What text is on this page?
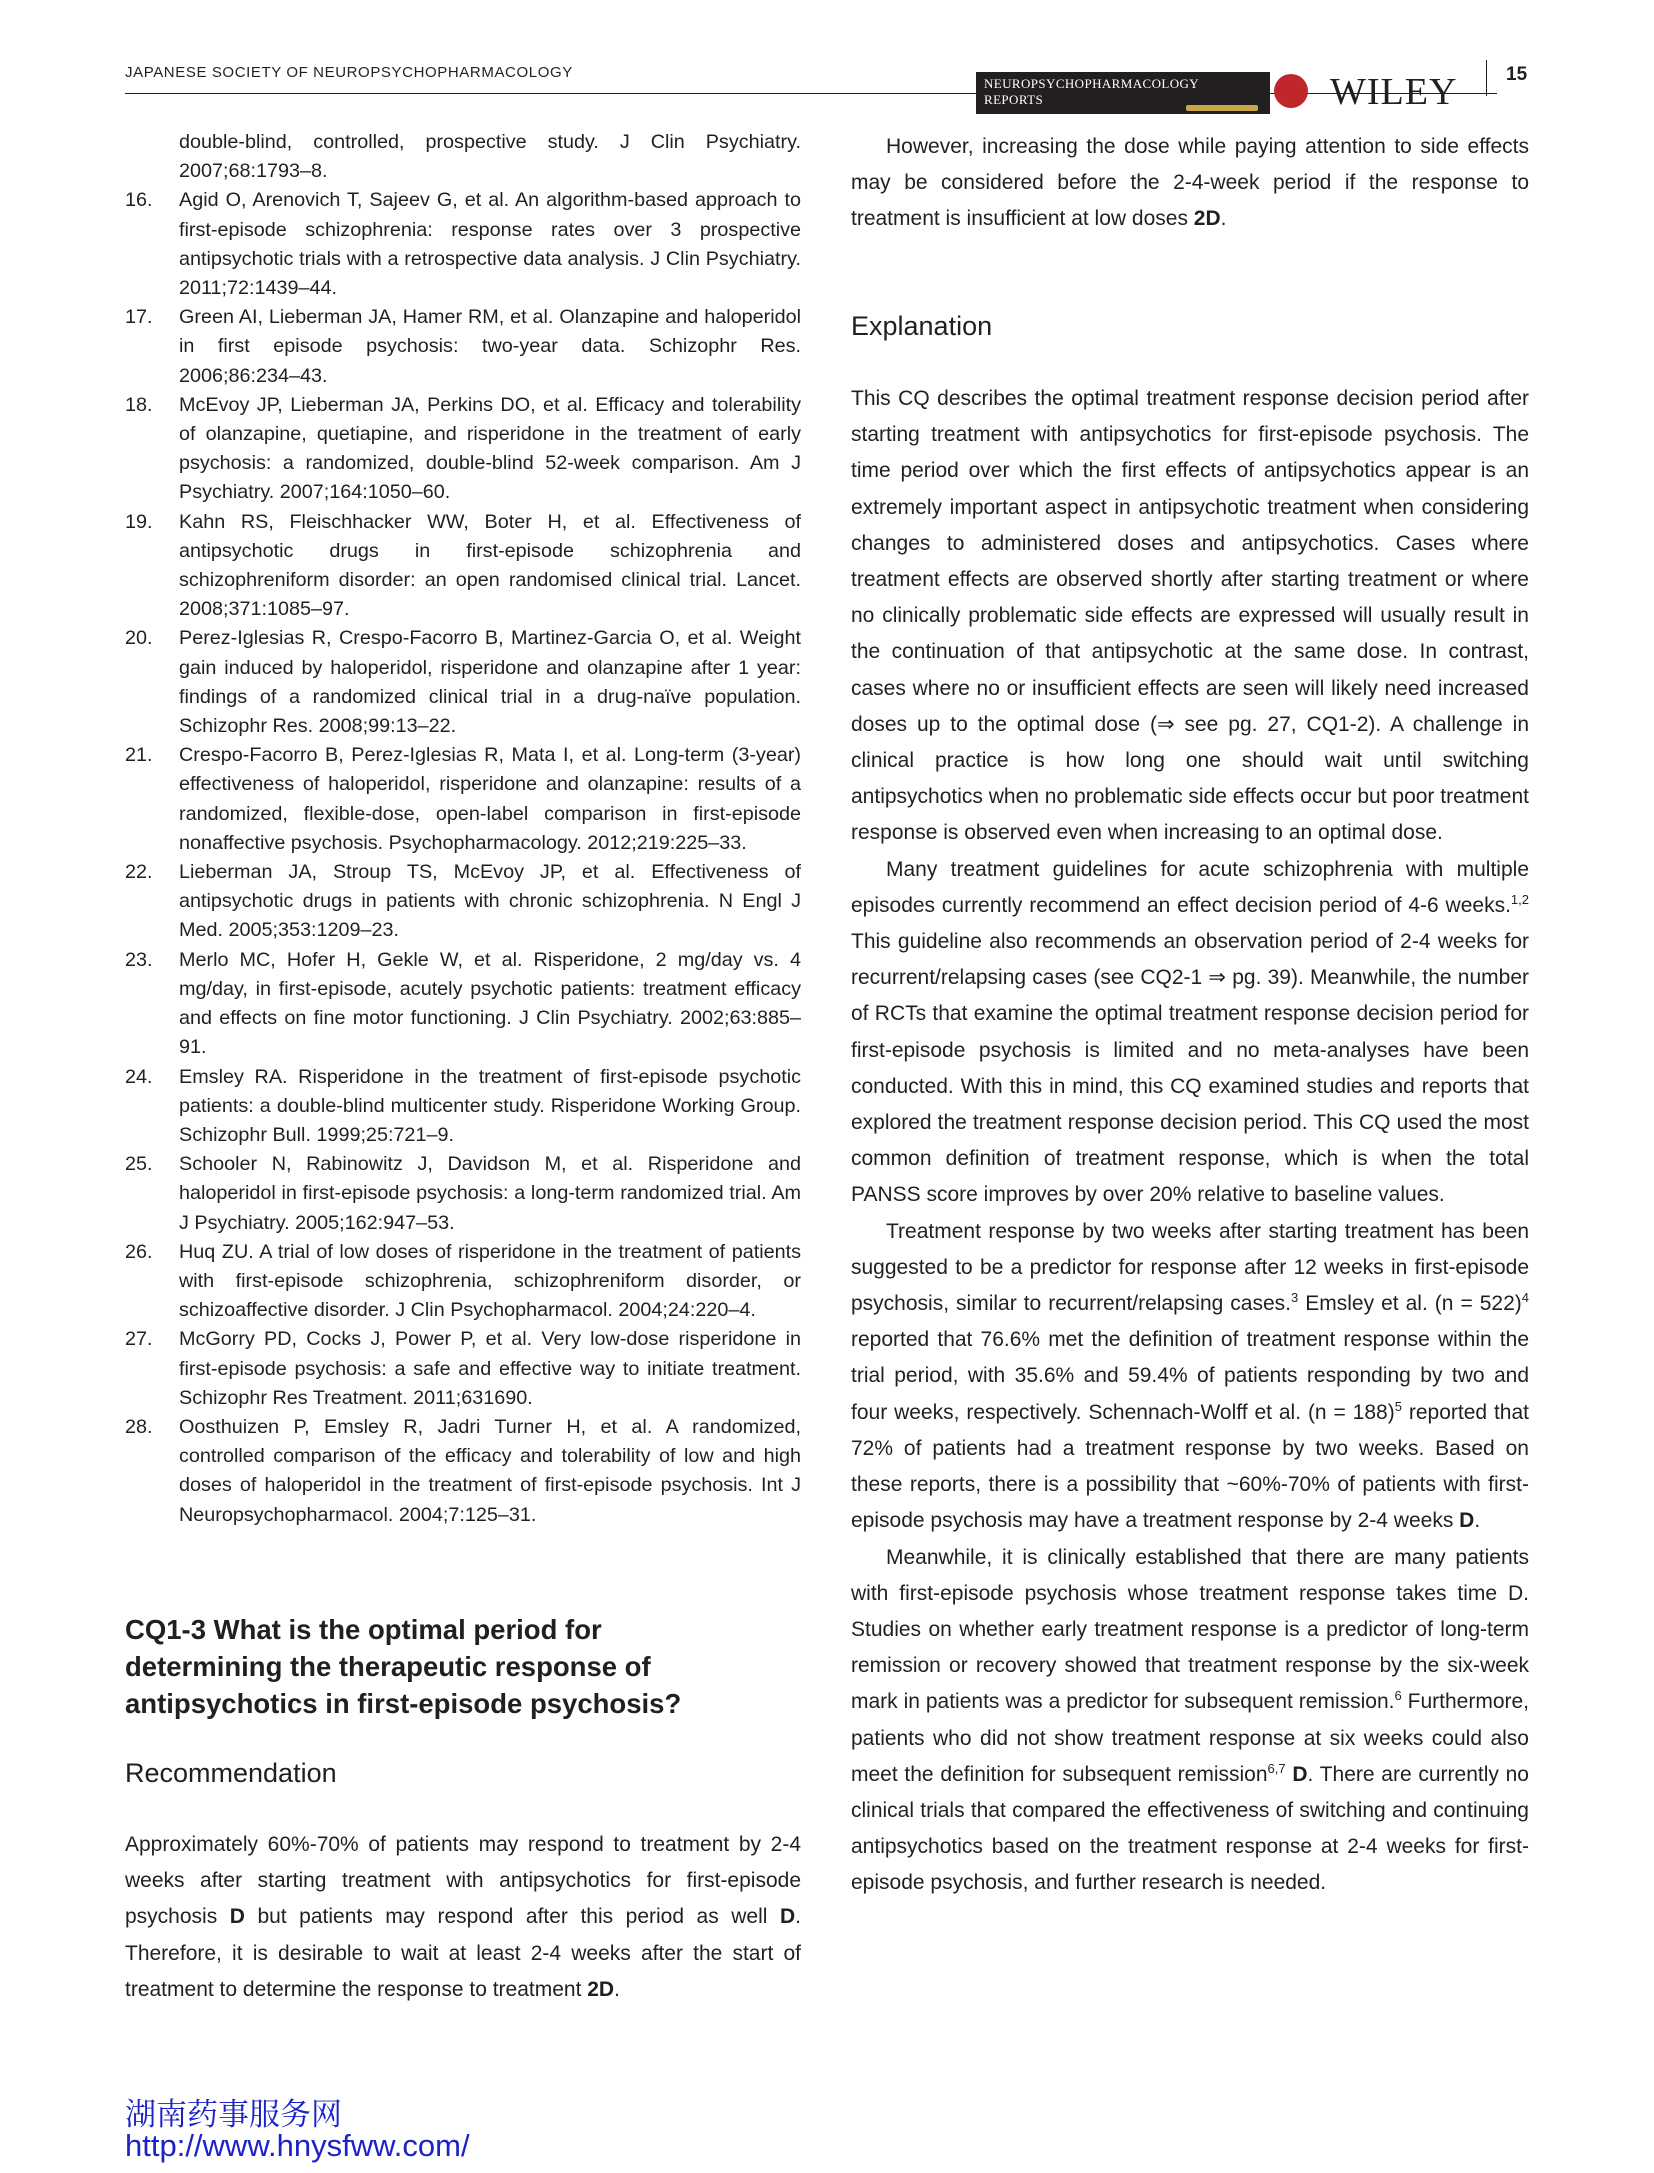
JAPANESE SOCIETY OF NEUROPSYCHOPHARMACOLOGY
NEUROPSYCHOPHARMACOLOGY
REPORTS	WILEY	15
double-blind, controlled, prospective study. J Clin Psychiatry. 2007;68:1793–8.
16. Agid O, Arenovich T, Sajeev G, et al. An algorithm-based approach to first-episode schizophrenia: response rates over 3 prospective antipsychotic trials with a retrospective data analysis. J Clin Psychiatry. 2011;72:1439–44.
17. Green AI, Lieberman JA, Hamer RM, et al. Olanzapine and haloperidol in first episode psychosis: two-year data. Schizophr Res. 2006;86:234–43.
18. McEvoy JP, Lieberman JA, Perkins DO, et al. Efficacy and tolerability of olanzapine, quetiapine, and risperidone in the treatment of early psychosis: a randomized, double-blind 52-week comparison. Am J Psychiatry. 2007;164:1050–60.
19. Kahn RS, Fleischhacker WW, Boter H, et al. Effectiveness of antipsychotic drugs in first-episode schizophrenia and schizophreniform disorder: an open randomised clinical trial. Lancet. 2008;371:1085–97.
20. Perez-Iglesias R, Crespo-Facorro B, Martinez-Garcia O, et al. Weight gain induced by haloperidol, risperidone and olanzapine after 1 year: findings of a randomized clinical trial in a drug-naïve population. Schizophr Res. 2008;99:13–22.
21. Crespo-Facorro B, Perez-Iglesias R, Mata I, et al. Long-term (3-year) effectiveness of haloperidol, risperidone and olanzapine: results of a randomized, flexible-dose, open-label comparison in first-episode nonaffective psychosis. Psychopharmacology. 2012;219:225–33.
22. Lieberman JA, Stroup TS, McEvoy JP, et al. Effectiveness of antipsychotic drugs in patients with chronic schizophrenia. N Engl J Med. 2005;353:1209–23.
23. Merlo MC, Hofer H, Gekle W, et al. Risperidone, 2 mg/day vs. 4 mg/day, in first-episode, acutely psychotic patients: treatment efficacy and effects on fine motor functioning. J Clin Psychiatry. 2002;63:885–91.
24. Emsley RA. Risperidone in the treatment of first-episode psychotic patients: a double-blind multicenter study. Risperidone Working Group. Schizophr Bull. 1999;25:721–9.
25. Schooler N, Rabinowitz J, Davidson M, et al. Risperidone and haloperidol in first-episode psychosis: a long-term randomized trial. Am J Psychiatry. 2005;162:947–53.
26. Huq ZU. A trial of low doses of risperidone in the treatment of patients with first-episode schizophrenia, schizophreniform disorder, or schizoaffective disorder. J Clin Psychopharmacol. 2004;24:220–4.
27. McGorry PD, Cocks J, Power P, et al. Very low-dose risperidone in first-episode psychosis: a safe and effective way to initiate treatment. Schizophr Res Treatment. 2011;631690.
28. Oosthuizen P, Emsley R, Jadri Turner H, et al. A randomized, controlled comparison of the efficacy and tolerability of low and high doses of haloperidol in the treatment of first-episode psychosis. Int J Neuropsychopharmacol. 2004;7:125–31.
CQ1-3 What is the optimal period for determining the therapeutic response of antipsychotics in first-episode psychosis?
Recommendation
Approximately 60%-70% of patients may respond to treatment by 2-4 weeks after starting treatment with antipsychotics for first-episode psychosis D but patients may respond after this period as well D. Therefore, it is desirable to wait at least 2-4 weeks after the start of treatment to determine the response to treatment 2D.
However, increasing the dose while paying attention to side effects may be considered before the 2-4-week period if the response to treatment is insufficient at low doses 2D.
Explanation

This CQ describes the optimal treatment response decision period after starting treatment with antipsychotics for first-episode psychosis. The time period over which the first effects of antipsychotics appear is an extremely important aspect in antipsychotic treatment when considering changes to administered doses and antipsychotics. Cases where treatment effects are observed shortly after starting treatment or where no clinically problematic side effects are expressed will usually result in the continuation of that antipsychotic at the same dose. In contrast, cases where no or insufficient effects are seen will likely need increased doses up to the optimal dose (⇒ see pg. 27, CQ1-2). A challenge in clinical practice is how long one should wait until switching antipsychotics when no problematic side effects occur but poor treatment response is observed even when increasing to an optimal dose.

Many treatment guidelines for acute schizophrenia with multiple episodes currently recommend an effect decision period of 4-6 weeks.$^{1,2}$ This guideline also recommends an observation period of 2-4 weeks for recurrent/relapsing cases (see CQ2-1 ⇒ pg. 39). Meanwhile, the number of RCTs that examine the optimal treatment response decision period for first-episode psychosis is limited and no meta-analyses have been conducted. With this in mind, this CQ examined studies and reports that explored the treatment response decision period. This CQ used the most common definition of treatment response, which is when the total PANSS score improves by over 20% relative to baseline values.

Treatment response by two weeks after starting treatment has been suggested to be a predictor for response after 12 weeks in first-episode psychosis, similar to recurrent/relapsing cases.$^3$ Emsley et al. (n = 522)$^4$ reported that 76.6% met the definition of treatment response within the trial period, with 35.6% and 59.4% of patients responding by two and four weeks, respectively. Schennach-Wolff et al. (n = 188)$^5$ reported that 72% of patients had a treatment response by two weeks. Based on these reports, there is a possibility that ~60%-70% of patients with first-episode psychosis may have a treatment response by 2-4 weeks D.

Meanwhile, it is clinically established that there are many patients with first-episode psychosis whose treatment response takes time D. Studies on whether early treatment response is a predictor of long-term remission or recovery showed that treatment response by the six-week mark in patients was a predictor for subsequent remission.$^6$ Furthermore, patients who did not show treatment response at six weeks could also meet the definition for subsequent remission$^{6,7}$ D. There are currently no clinical trials that compared the effectiveness of switching and continuing antipsychotics based on the treatment response at 2-4 weeks for first-episode psychosis, and further research is needed.

湖南药事服务网
http://www.hnysfww.com/
